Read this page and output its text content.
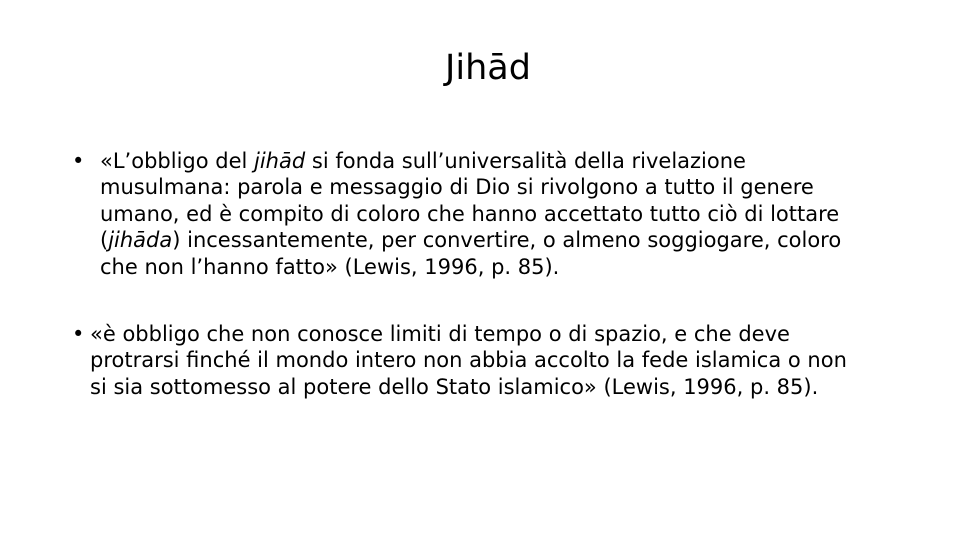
Jihād
• «L’obbligo del jihād si fonda sull’universalità della rivelazione musulmana: parola e messaggio di Dio si rivolgono a tutto il genere umano, ed è compito di coloro che hanno accettato tutto ciò di lottare (jihāda) incessantemente, per convertire, o almeno soggiogare, coloro che non l’hanno fatto» (Lewis, 1996, p. 85).
• «è obbligo che non conosce limiti di tempo o di spazio, e che deve protrarsi finché il mondo intero non abbia accolto la fede islamica o non si sia sottomesso al potere dello Stato islamico» (Lewis, 1996, p. 85).
